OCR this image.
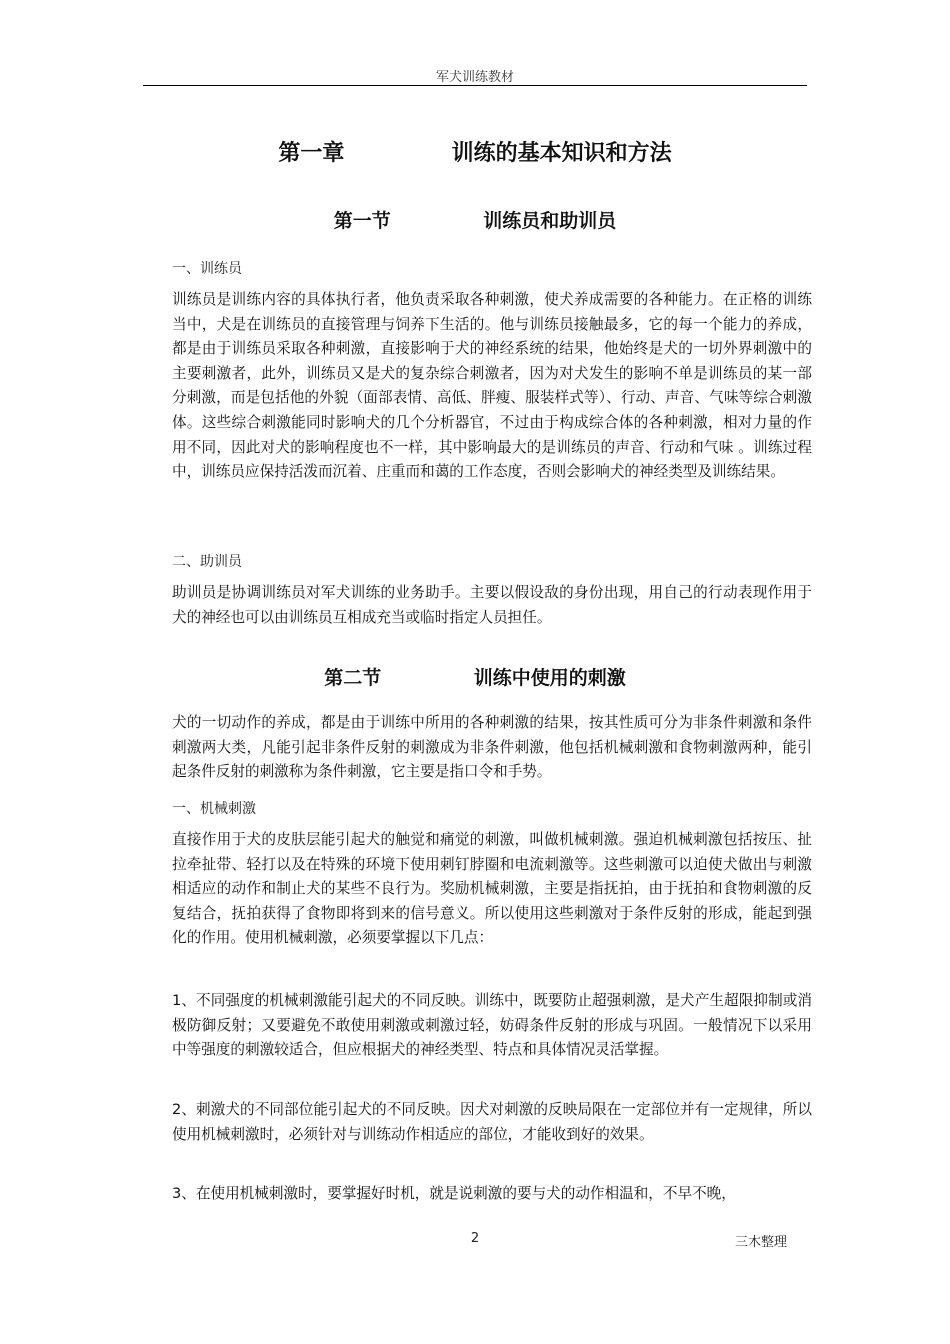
军犬训练教材
第一章              训练的基本知识和方法
第一节              训练员和助训员
一、训练员
训练员是训练内容的具体执行者，他负责采取各种刺激，使犬养成需要的各种能力。在正格的训练当中，犬是在训练员的直接管理与饲养下生活的。他与训练员接触最多，它的每一个能力的养成，都是由于训练员采取各种刺激，直接影响于犬的神经系统的结果，他始终是犬的一切外界刺激中的主要刺激者，此外，训练员又是犬的复杂综合刺激者，因为对犬发生的影响不单是训练员的某一部分刺激，而是包括他的外貌（面部表情、高低、胖瘦、服装样式等）、行动、声音、气味等综合刺激体。这些综合刺激能同时影响犬的几个分析器官，不过由于构成综合体的各种刺激，相对力量的作用不同，因此对犬的影响程度也不一样，其中影响最大的是训练员的声音、行动和气味 。训练过程中，训练员应保持活泼而沉着、庄重而和蔼的工作态度，否则会影响犬的神经类型及训练结果。
二、助训员
助训员是协调训练员对军犬训练的业务助手。主要以假设敌的身份出现，用自己的行动表现作用于犬的神经也可以由训练员互相成充当或临时指定人员担任。
第二节              训练中使用的刺激
犬的一切动作的养成，都是由于训练中所用的各种刺激的结果，按其性质可分为非条件刺激和条件刺激两大类，凡能引起非条件反射的刺激成为非条件刺激，他包括机械刺激和食物刺激两种，能引起条件反射的刺激称为条件刺激，它主要是指口令和手势。
一、机械刺激
直接作用于犬的皮肤层能引起犬的触觉和痛觉的刺激，叫做机械刺激。强迫机械刺激包括按压、扯拉牵扯带、轻打以及在特殊的环境下使用刺钉脖圈和电流刺激等。这些刺激可以迫使犬做出与刺激相适应的动作和制止犬的某些不良行为。奖励机械刺激，主要是指抚拍，由于抚拍和食物刺激的反复结合，抚拍获得了食物即将到来的信号意义。所以使用这些刺激对于条件反射的形成，能起到强化的作用。使用机械刺激，必须要掌握以下几点：
1、不同强度的机械刺激能引起犬的不同反映。训练中，既要防止超强刺激，是犬产生超限抑制或消极防御反射；又要避免不敢使用刺激或刺激过轻，妨碍条件反射的形成与巩固。一般情况下以采用中等强度的刺激较适合，但应根据犬的神经类型、特点和具体情况灵活掌握。
2、刺激犬的不同部位能引起犬的不同反映。因犬对刺激的反映局限在一定部位并有一定规律，所以使用机械刺激时，必须针对与训练动作相适应的部位，才能收到好的效果。
3、在使用机械刺激时，要掌握好时机，就是说刺激的要与犬的动作相温和，不早不晚，
2	三木整理
